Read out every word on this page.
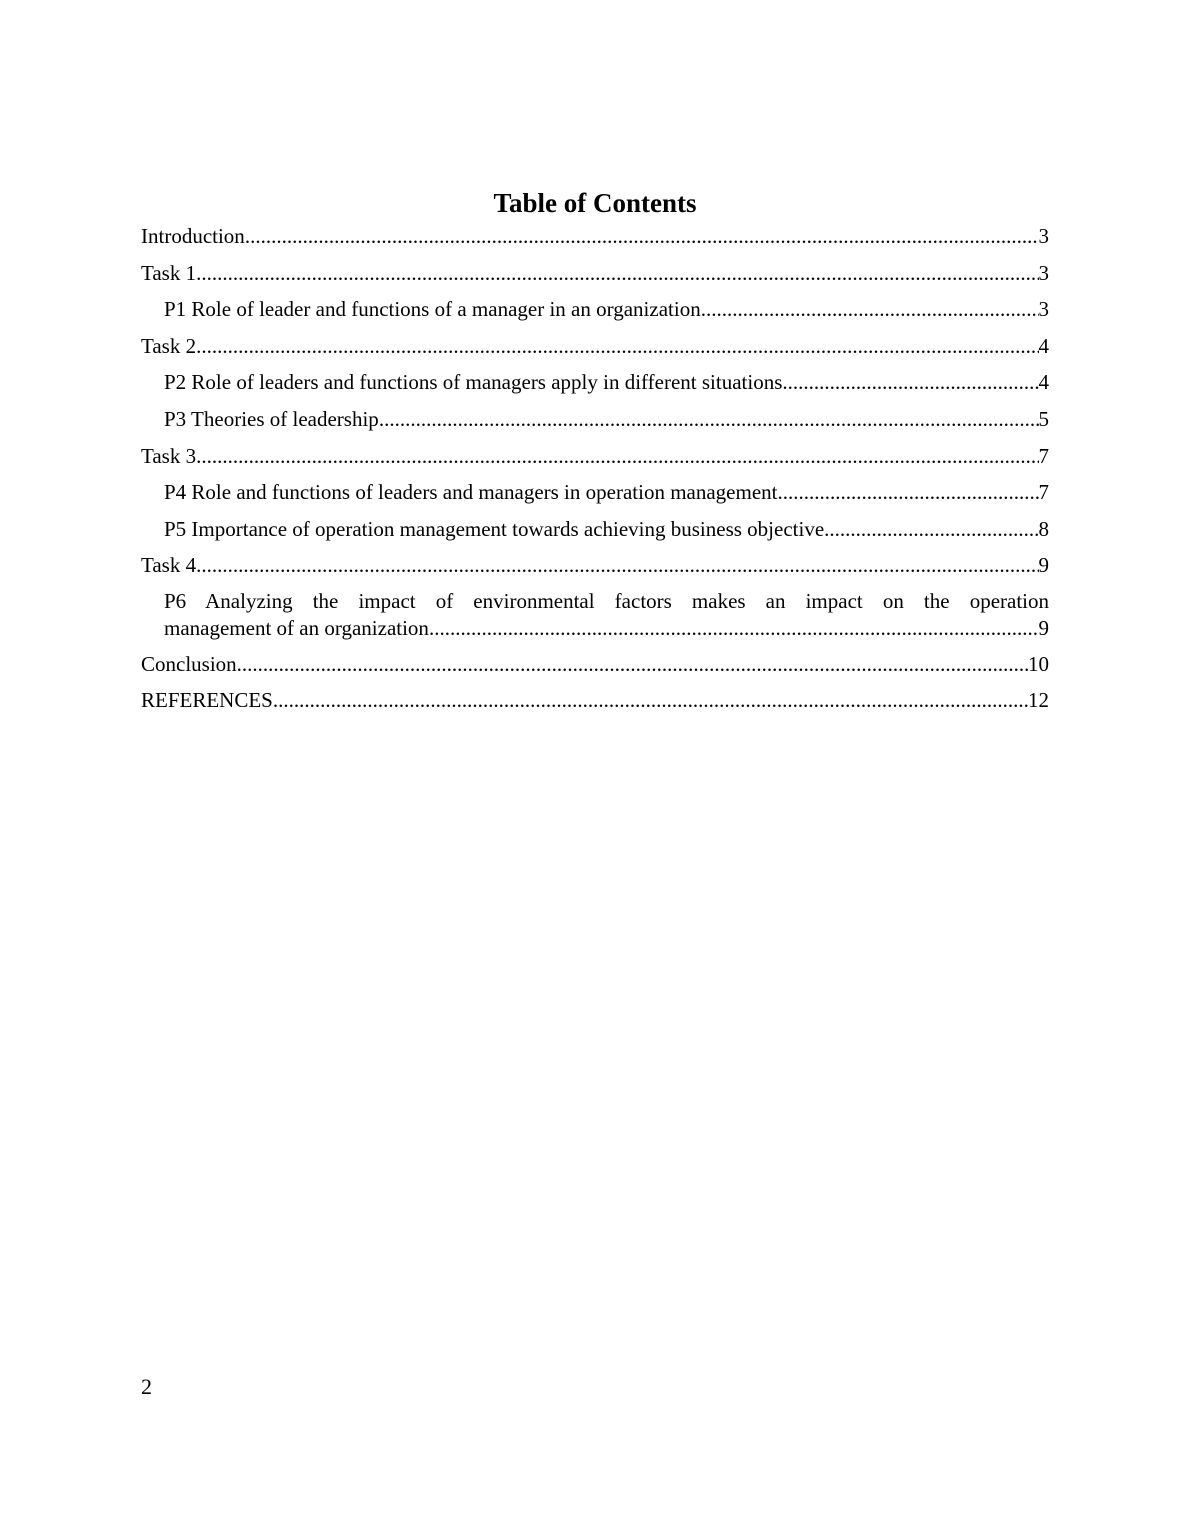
Table of Contents
Introduction .....	3
Task 1 .....	3
P1 Role of leader and functions of a manager in an organization .....	3
Task 2 .....	4
P2 Role of leaders and functions of managers apply in different situations .....	4
P3 Theories of leadership .....	5
Task 3 .....	7
P4 Role and functions of leaders and managers in operation management .....	7
P5 Importance of operation management towards achieving business objective .....	8
Task 4 .....	9
P6 Analyzing the impact of environmental factors makes an impact on the operation
management of an organization .....	9
Conclusion .....	10
REFERENCES .....	12
2
